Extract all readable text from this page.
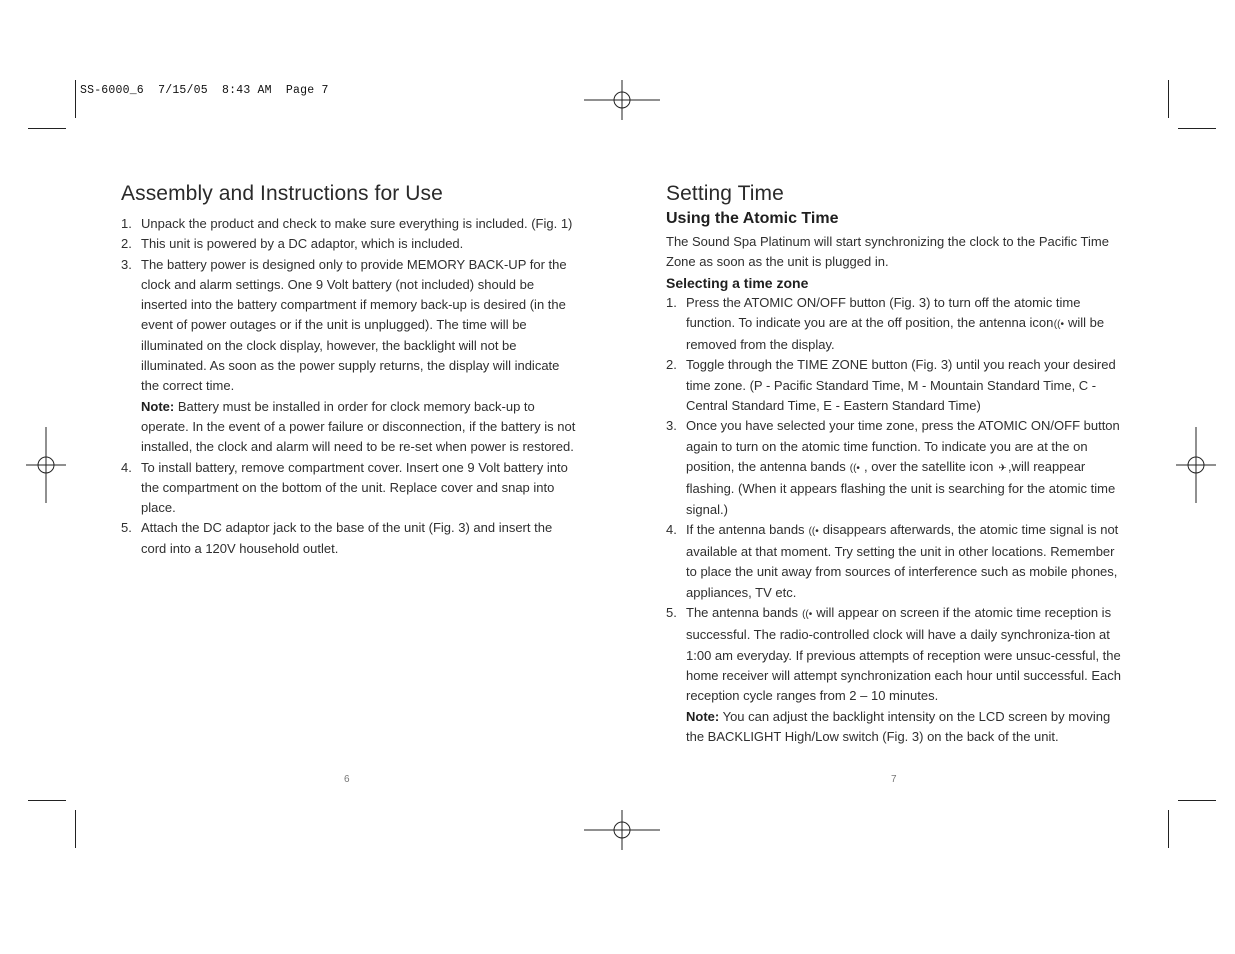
SS-6000_6  7/15/05  8:43 AM  Page 7
Assembly and Instructions for Use
1. Unpack the product and check to make sure everything is included. (Fig. 1)
2. This unit is powered by a DC adaptor, which is included.
3. The battery power is designed only to provide MEMORY BACK-UP for the clock and alarm settings. One 9 Volt battery (not included) should be inserted into the battery compartment if memory back-up is desired (in the event of power outages or if the unit is unplugged). The time will be illuminated on the clock display, however, the backlight will not be illuminated. As soon as the power supply returns, the display will indicate the correct time.
Note: Battery must be installed in order for clock memory back-up to operate. In the event of a power failure or disconnection, if the battery is not installed, the clock and alarm will need to be re-set when power is restored.
4. To install battery, remove compartment cover. Insert one 9 Volt battery into the compartment on the bottom of the unit. Replace cover and snap into place.
5. Attach the DC adaptor jack to the base of the unit (Fig. 3) and insert the cord into a 120V household outlet.
6
Setting Time
Using the Atomic Time

The Sound Spa Platinum will start synchronizing the clock to the Pacific Time Zone as soon as the unit is plugged in.

Selecting a time zone
1. Press the ATOMIC ON/OFF button (Fig. 3) to turn off the atomic time function. To indicate you are at the off position, the antenna icon((• will be removed from the display.
2. Toggle through the TIME ZONE button (Fig. 3) until you reach your desired time zone. (P - Pacific Standard Time, M - Mountain Standard Time, C - Central Standard Time, E - Eastern Standard Time)
3. Once you have selected your time zone, press the ATOMIC ON/OFF button again to turn on the atomic time function. To indicate you are at the on position, the antenna bands ((• , over the satellite icon ✈,will reappear flashing. (When it appears flashing the unit is searching for the atomic time signal.)
4. If the antenna bands ((• disappears afterwards, the atomic time signal is not available at that moment. Try setting the unit in other locations. Remember to place the unit away from sources of interference such as mobile phones, appliances, TV etc.
5. The antenna bands ((• will appear on screen if the atomic time reception is successful. The radio-controlled clock will have a daily synchroniza-tion at 1:00 am everyday. If previous attempts of reception were unsuc-cessful, the home receiver will attempt synchronization each hour until successful. Each reception cycle ranges from 2 – 10 minutes.
Note: You can adjust the backlight intensity on the LCD screen by moving the BACKLIGHT High/Low switch (Fig. 3) on the back of the unit.
7
